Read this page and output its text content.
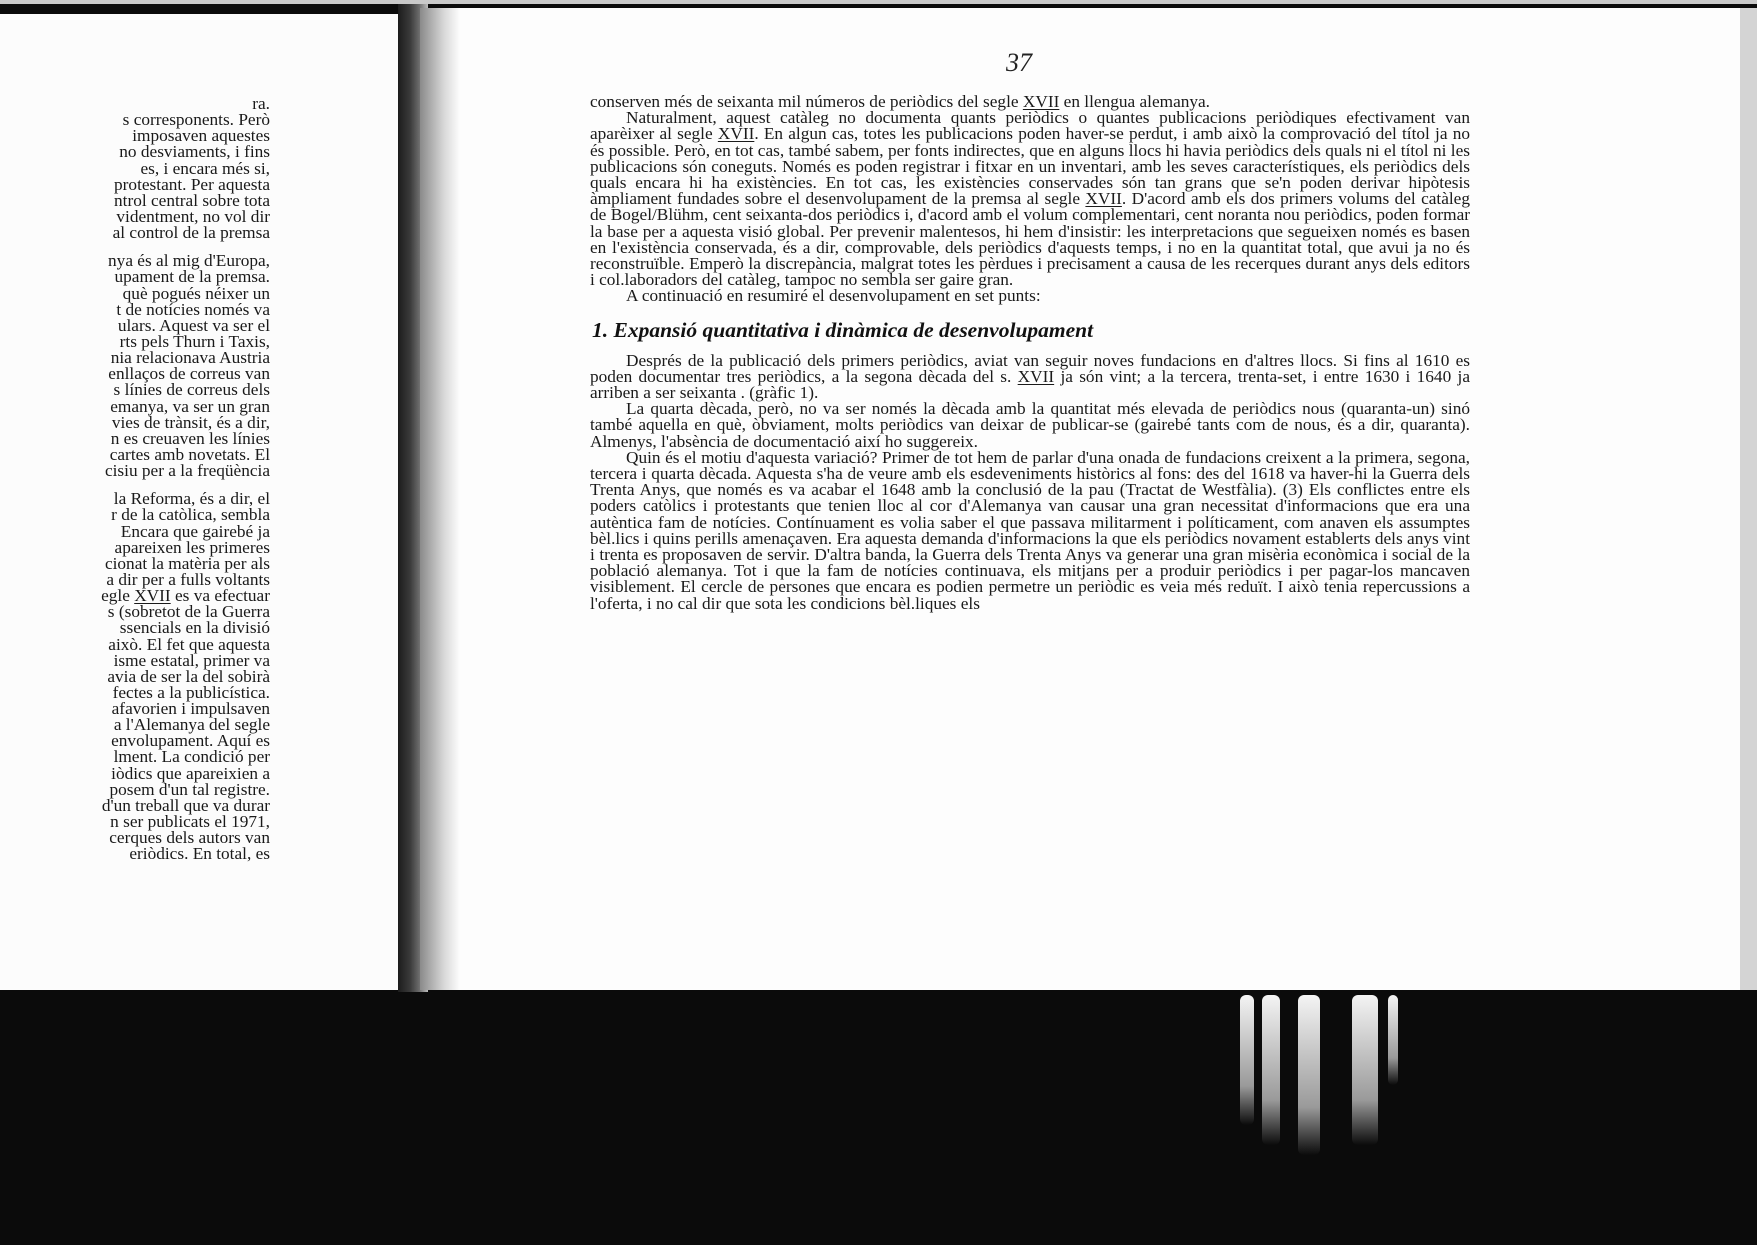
ra.
s corresponents. Però
imposaven aquestes
no desviaments, i fins
es, i encara més si,
protestant. Per aquesta
ntrol central sobre tota
videntment, no vol dir
al control de la premsa
nya és al mig d'Europa,
upament de la premsa.
què pogués néixer un
t de notícies només va
ulars. Aquest va ser el
rts pels Thurn i Taxis,
nia relacionava Austria
enllaços de correus van
s línies de correus dels
emanya, va ser un gran
vies de trànsit, és a dir,
n es creuaven les línies
cartes amb novetats. El
cisiu per a la freqüència
la Reforma, és a dir, el
r de la catòlica, sembla
Encara que gairebé ja
apareixen les primeres
cionat la matèria per als
a dir per a fulls voltants
egle XVII es va efectuar
s (sobretot de la Guerra
ssencials en la divisió
això. El fet que aquesta
isme estatal, primer va
avia de ser la del sobirà
fectes a la publicística.
afavorien i impulsaven
a l'Alemanya del segle
envolupament. Aquí es
lment. La condició per
iòdics que apareixien a
posem d'un tal registre.
d'un treball que va durar
n ser publicats el 1971,
cerques dels autors van
eriòdics. En total, es
37

conserven més de seixanta mil números de periòdics del segle XVII en llengua alemanya.

Naturalment, aquest catàleg no documenta quants periòdics o quantes publicacions periòdiques efectivament van aparèixer al segle XVII. En algun cas, totes les publicacions poden haver-se perdut, i amb això la comprovació del títol ja no és possible. Però, en tot cas, també sabem, per fonts indirectes, que en alguns llocs hi havia periòdics dels quals ni el títol ni les publicacions són coneguts. Només es poden registrar i fitxar en un inventari, amb les seves característiques, els periòdics dels quals encara hi ha existències. En tot cas, les existències conservades són tan grans que se'n poden derivar hipòtesis àmpliament fundades sobre el desenvolupament de la premsa al segle XVII. D'acord amb els dos primers volums del catàleg de Bogel/Blühm, cent seixanta-dos periòdics i, d'acord amb el volum complementari, cent noranta nou periòdics, poden formar la base per a aquesta visió global. Per prevenir malentesos, hi hem d'insistir: les interpretacions que segueixen només es basen en l'existència conservada, és a dir, comprovable, dels periòdics d'aquests temps, i no en la quantitat total, que avui ja no és reconstruïble. Emperò la discrepància, malgrat totes les pèrdues i precisament a causa de les recerques durant anys dels editors i col.laboradors del catàleg, tampoc no sembla ser gaire gran.

A continuació en resumiré el desenvolupament en set punts:

1. Expansió quantitativa i dinàmica de desenvolupament

Després de la publicació dels primers periòdics, aviat van seguir noves fundacions en d'altres llocs. Si fins al 1610 es poden documentar tres periòdics, a la segona dècada del s. XVII ja són vint; a la tercera, trenta-set, i entre 1630 i 1640 ja arriben a ser seixanta . (gràfic 1).

La quarta dècada, però, no va ser només la dècada amb la quantitat més elevada de periòdics nous (quaranta-un) sinó també aquella en què, òbviament, molts periòdics van deixar de publicar-se (gairebé tants com de nous, és a dir, quaranta). Almenys, l'absència de documentació així ho suggereix.

Quin és el motiu d'aquesta variació? Primer de tot hem de parlar d'una onada de fundacions creixent a la primera, segona, tercera i quarta dècada. Aquesta s'ha de veure amb els esdeveniments històrics al fons: des del 1618 va haver-hi la Guerra dels Trenta Anys, que només es va acabar el 1648 amb la conclusió de la pau (Tractat de Westfàlia). (3) Els conflictes entre els poders catòlics i protestants que tenien lloc al cor d'Alemanya van causar una gran necessitat d'informacions que era una autèntica fam de notícies. Contínuament es volia saber el que passava militarment i políticament, com anaven els assumptes bèl.lics i quins perills amenaçaven. Era aquesta demanda d'informacions la que els periòdics novament establerts dels anys vint i trenta es proposaven de servir. D'altra banda, la Guerra dels Trenta Anys va generar una gran misèria econòmica i social de la població alemanya. Tot i que la fam de notícies continuava, els mitjans per a produir periòdics i per pagar-los mancaven visiblement. El cercle de persones que encara es podien permetre un periòdic es veia més reduït. I això tenia repercussions a l'oferta, i no cal dir que sota les condicions bèl.liques els
